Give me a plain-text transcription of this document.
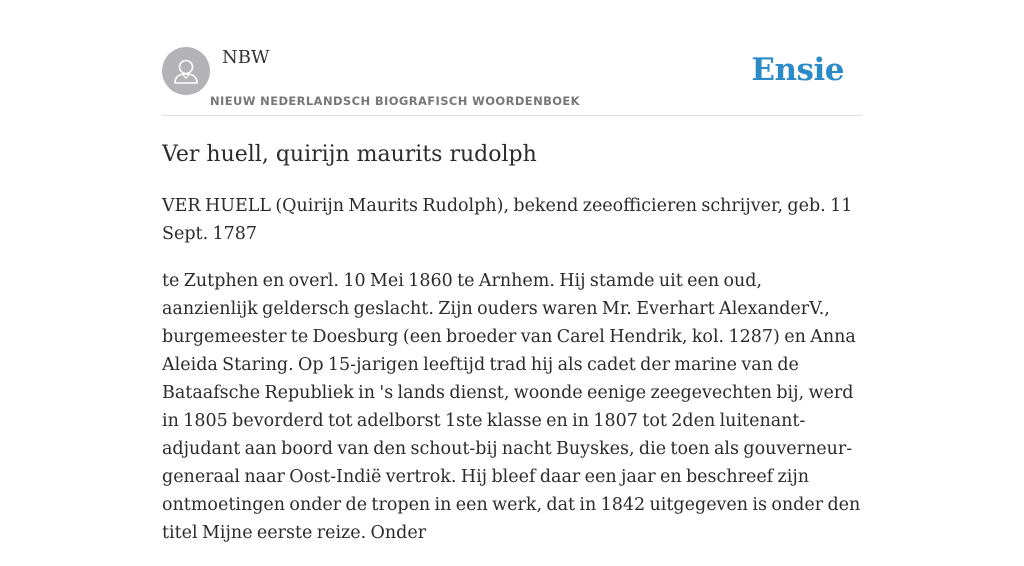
NBW
NIEUW NEDERLANDSCH BIOGRAFISCH WOORDENBOEK
Ensie
Ver huell, quirijn maurits rudolph

VER HUELL (Quirijn Maurits Rudolph), bekend zeeofficieren schrijver, geb. 11 Sept. 1787

te Zutphen en overl. 10 Mei 1860 te Arnhem. Hij stamde uit een oud, aanzienlijk geldersch geslacht. Zijn ouders waren Mr. Everhart AlexanderV., burgemeester te Doesburg (een broeder van Carel Hendrik, kol. 1287) en Anna Aleida Staring. Op 15-jarigen leeftijd trad hij als cadet der marine van de Bataafsche Republiek in 's lands dienst, woonde eenige zeegevechten bij, werd in 1805 bevorderd tot adelborst 1ste klasse en in 1807 tot 2den luitenant-adjudant aan boord van den schout-bij nacht Buyskes, die toen als gouverneur-generaal naar Oost-Indië vertrok. Hij bleef daar een jaar en beschreef zijn ontmoetingen onder de tropen in een werk, dat in 1842 uitgegeven is onder den titel Mijne eerste reize. Onder
